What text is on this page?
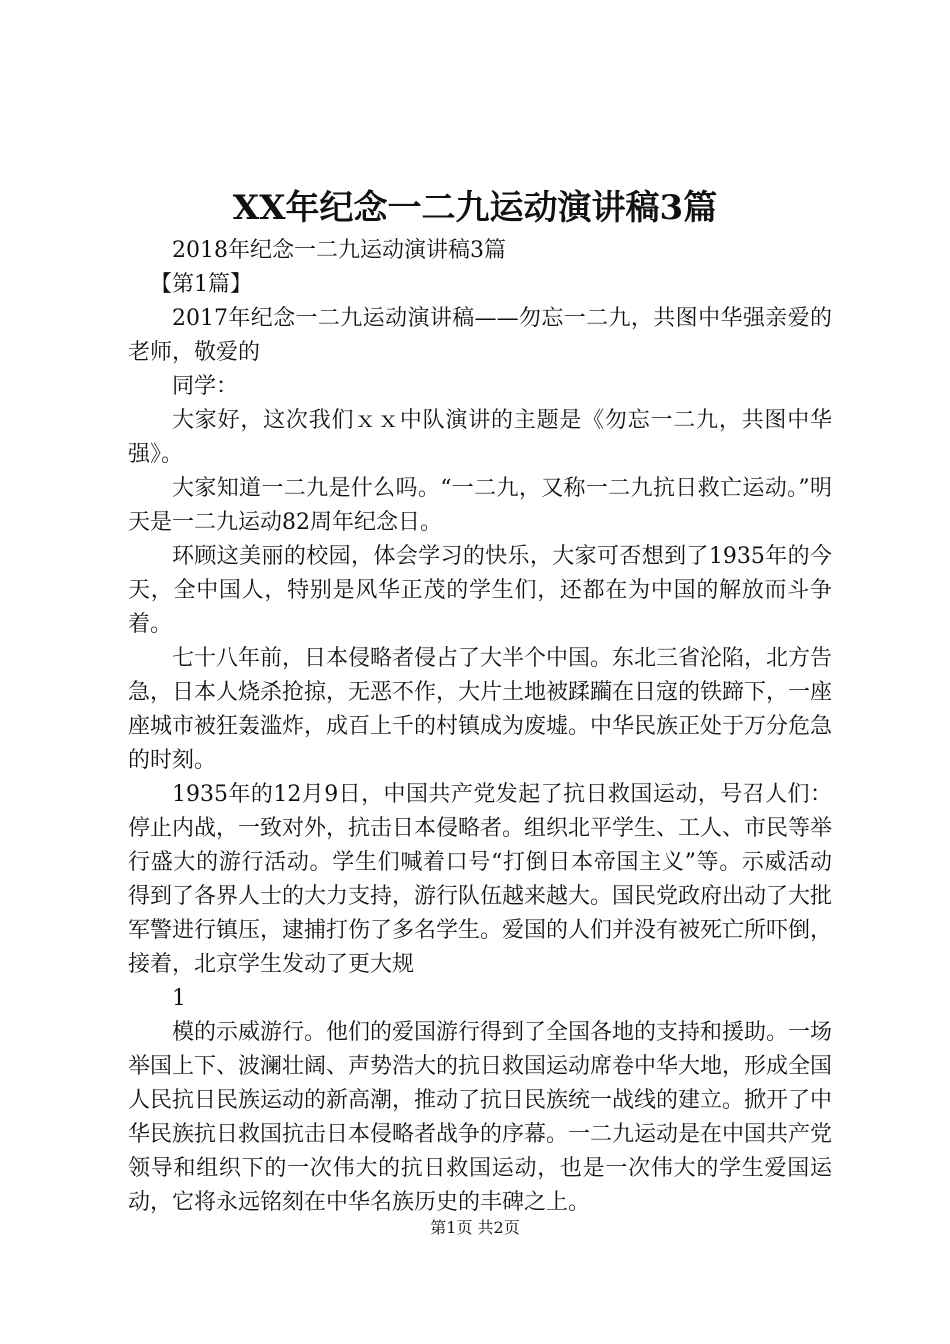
XX年纪念一二九运动演讲稿3篇

2018年纪念一二九运动演讲稿3篇

【第1篇】

2017年纪念一二九运动演讲稿——勿忘一二九，共图中华强亲爱的老师，敬爱的

同学：

大家好，这次我们ｘｘ中队演讲的主题是《勿忘一二九，共图中华强》。

大家知道一二九是什么吗。“一二九，又称一二九抗日救亡运动。”明天是一二九运动82周年纪念日。

环顾这美丽的校园，体会学习的快乐，大家可否想到了1935年的今天，全中国人，特别是风华正茂的学生们，还都在为中国的解放而斗争着。

七十八年前，日本侵略者侵占了大半个中国。东北三省沦陷，北方告急，日本人烧杀抢掠，无恶不作，大片土地被蹂躏在日寇的铁蹄下，一座座城市被狂轰滥炸，成百上千的村镇成为废墟。中华民族正处于万分危急的时刻。

1935年的12月9日，中国共产党发起了抗日救国运动，号召人们：停止内战，一致对外，抗击日本侵略者。组织北平学生、工人、市民等举行盛大的游行活动。学生们喊着口号“打倒日本帝国主义”等。示威活动得到了各界人士的大力支持，游行队伍越来越大。国民党政府出动了大批军警进行镇压，逮捕打伤了多名学生。爱国的人们并没有被死亡所吓倒，接着，北京学生发动了更大规

1

模的示威游行。他们的爱国游行得到了全国各地的支持和援助。一场举国上下、波澜壮阔、声势浩大的抗日救国运动席卷中华大地，形成全国人民抗日民族运动的新高潮，推动了抗日民族统一战线的建立。掀开了中华民族抗日救国抗击日本侵略者战争的序幕。一二九运动是在中国共产党领导和组织下的一次伟大的抗日救国运动，也是一次伟大的学生爱国运动，它将永远铭刻在中华名族历史的丰碑之上。

第1页 共2页
